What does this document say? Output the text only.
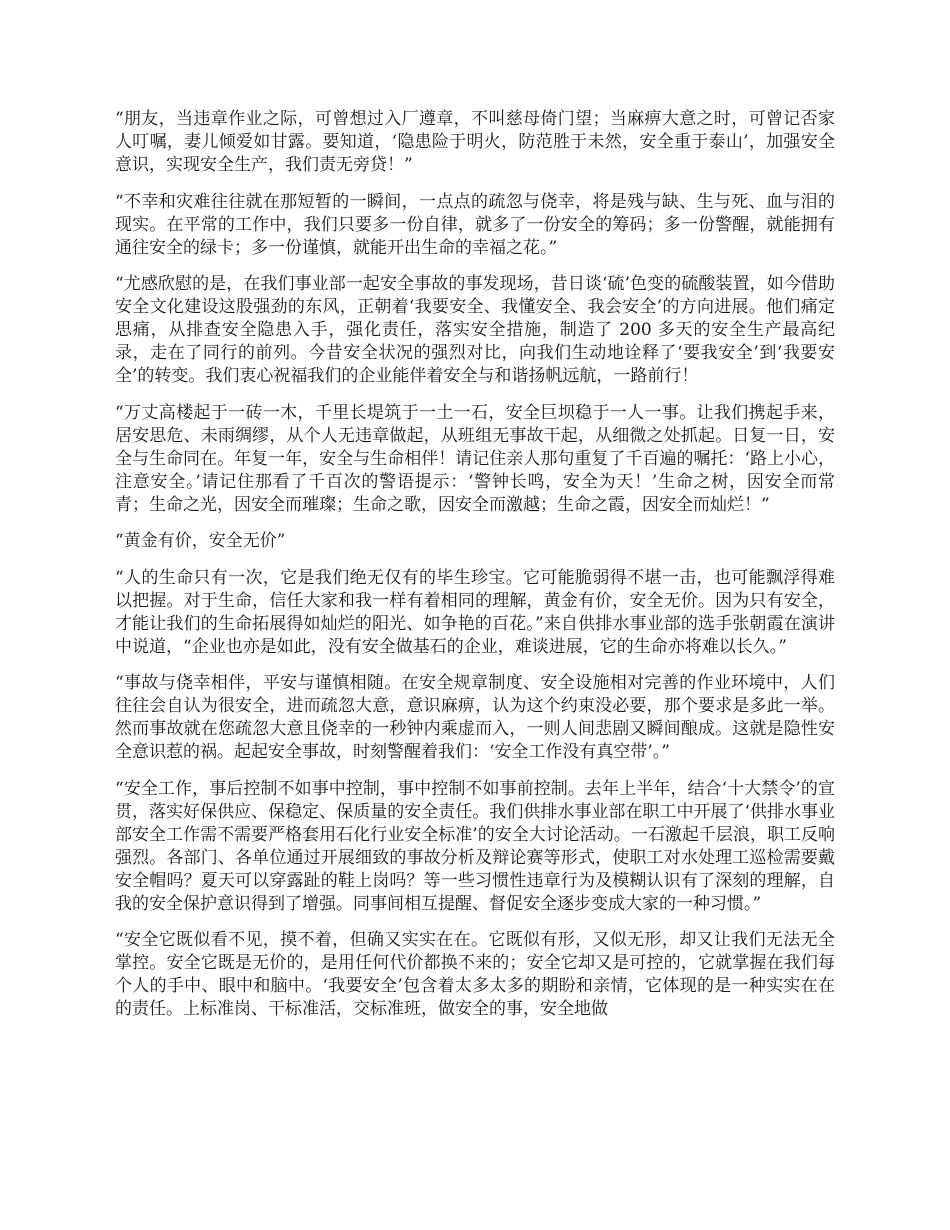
“朋友，当违章作业之际，可曾想过入厂遵章，不叫慈母倚门望；当麻痹大意之时，可曾记否家人叮嘱，妻儿倾爱如甘露。要知道，‘隐患险于明火，防范胜于未然，安全重于泰山’，加强安全意识，实现安全生产，我们责无旁贷！”

“不幸和灾难往往就在那短暂的一瞬间，一点点的疏忽与侥幸，将是残与缺、生与死、血与泪的现实。在平常的工作中，我们只要多一份自律，就多了一份安全的筹码；多一份警醒，就能拥有通往安全的绿卡；多一份谨慎，就能开出生命的幸福之花。”

“尤感欣慰的是，在我们事业部一起安全事故的事发现场，昔日谈‘硫’色变的硫酸装置，如今借助安全文化建设这股强劲的东风，正朝着‘我要安全、我懂安全、我会安全’的方向进展。他们痛定思痛，从排查安全隐患入手，强化责任，落实安全措施，制造了 200 多天的安全生产最高纪录，走在了同行的前列。今昔安全状况的强烈对比，向我们生动地诠释了‘要我安全’到‘我要安全’的转变。我们衷心祝福我们的企业能伴着安全与和谐扬帆远航，一路前行！

“万丈高楼起于一砖一木，千里长堤筑于一土一石，安全巨坝稳于一人一事。让我们携起手来，居安思危、未雨绸缪，从个人无违章做起，从班组无事故干起，从细微之处抓起。日复一日，安全与生命同在。年复一年，安全与生命相伴！请记住亲人那句重复了千百遍的嘱托：‘路上小心，注意安全。’请记住那看了千百次的警语提示：‘警钟长鸣，安全为天！’生命之树，因安全而常青；生命之光，因安全而璀璨；生命之歌，因安全而激越；生命之霞，因安全而灿烂！”

“黄金有价，安全无价”

“人的生命只有一次，它是我们绝无仅有的毕生珍宝。它可能脆弱得不堪一击，也可能飘浮得难以把握。对于生命，信任大家和我一样有着相同的理解，黄金有价，安全无价。因为只有安全，才能让我们的生命拓展得如灿烂的阳光、如争艳的百花。”来自供排水事业部的选手张朝霞在演讲中说道，“企业也亦是如此，没有安全做基石的企业，难谈进展，它的生命亦将难以长久。”

“事故与侥幸相伴，平安与谨慎相随。在安全规章制度、安全设施相对完善的作业环境中，人们往往会自认为很安全，进而疏忽大意，意识麻痹，认为这个约束没必要，那个要求是多此一举。然而事故就在您疏忽大意且侥幸的一秒钟内乘虚而入，一则人间悲剧又瞬间酿成。这就是隐性安全意识惹的祸。起起安全事故，时刻警醒着我们：‘安全工作没有真空带’。”

“安全工作，事后控制不如事中控制，事中控制不如事前控制。去年上半年，结合‘十大禁令’的宣贯，落实好保供应、保稳定、保质量的安全责任。我们供排水事业部在职工中开展了‘供排水事业部安全工作需不需要严格套用石化行业安全标准’的安全大讨论活动。一石激起千层浪，职工反响强烈。各部门、各单位通过开展细致的事故分析及辩论赛等形式，使职工对水处理工巡检需要戴安全帽吗？夏天可以穿露趾的鞋上岗吗？等一些习惯性违章行为及模糊认识有了深刻的理解，自我的安全保护意识得到了增强。同事间相互提醒、督促安全逐步变成大家的一种习惯。”

“安全它既似看不见，摸不着，但确又实实在在。它既似有形，又似无形，却又让我们无法无全掌控。安全它既是无价的，是用任何代价都换不来的；安全它却又是可控的，它就掌握在我们每个人的手中、眼中和脑中。‘我要安全’包含着太多太多的期盼和亲情，它体现的是一种实实在在的责任。上标准岗、干标准活，交标准班，做安全的事，安全地做
